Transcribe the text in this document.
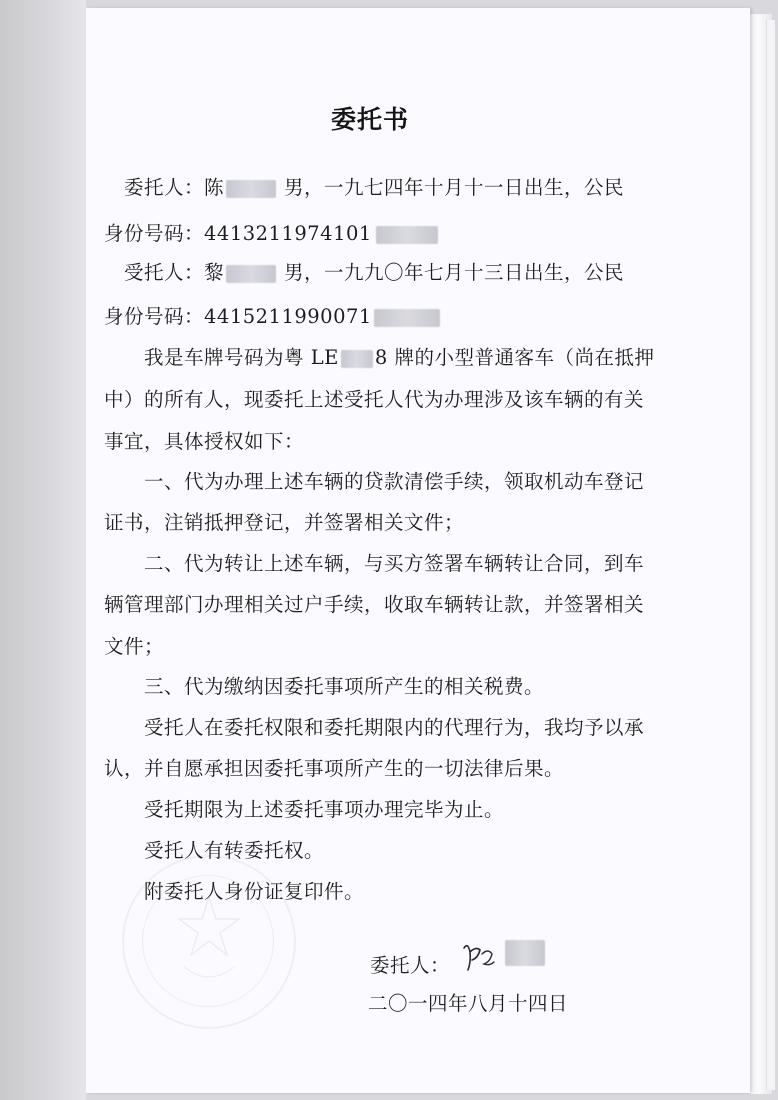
委托书
委托人：陈	男，一九七四年十月十一日出生，公民
身份号码：4413211974101
受托人：黎	男，一九九〇年七月十三日出生，公民
身份号码：4415211990071
我是车牌号码为粤 LE 8 牌的小型普通客车（尚在抵押
中）的所有人，现委托上述受托人代为办理涉及该车辆的有关
事宜，具体授权如下：
一、代为办理上述车辆的贷款清偿手续，领取机动车登记
证书，注销抵押登记，并签署相关文件；
二、代为转让上述车辆，与买方签署车辆转让合同，到车
辆管理部门办理相关过户手续，收取车辆转让款，并签署相关
文件；
三、代为缴纳因委托事项所产生的相关税费。
受托人在委托权限和委托期限内的代理行为，我均予以承
认，并自愿承担因委托事项所产生的一切法律后果。
受托期限为上述委托事项办理完毕为止。
受托人有转委托权。
附委托人身份证复印件。
委托人：
二〇一四年八月十四日
